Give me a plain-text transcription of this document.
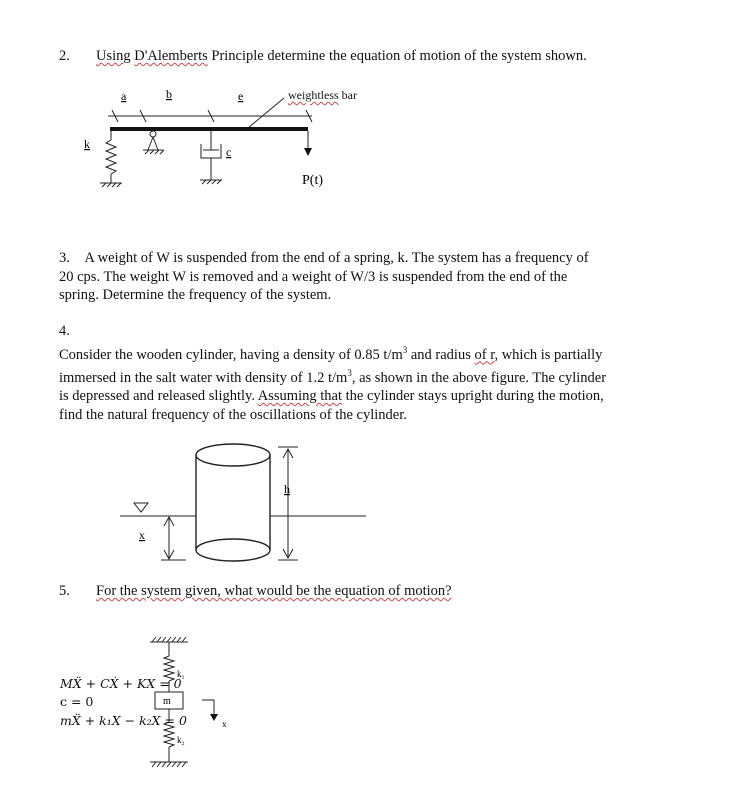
2. Using D'Alemberts Principle determine the equation of motion of the system shown.
a	b	e
k
c
P(t)
weightless bar
3. A weight of W is suspended from the end of a spring, k. The system has a frequency of
20 cps. The weight W is removed and a weight of W/3 is suspended from the end of the
spring. Determine the frequency of the system.
4.
Consider the wooden cylinder, having a density of 0.85 $t/m^3$ and radius of r, which is partially
immersed in the salt water with density of 1.2 $t/m^3$, as shown in the above figure. The cylinder
is depressed and released slightly. Assuming that the cylinder stays upright during the motion,
find the natural frequency of the oscillations of the cylinder.
h
x
5. For the system given, what would be the equation of motion?
k₁
m
k₂
x
MẌ + CẊ + KX = 0
c = 0
mẌ + k₁X − k₂X = 0
